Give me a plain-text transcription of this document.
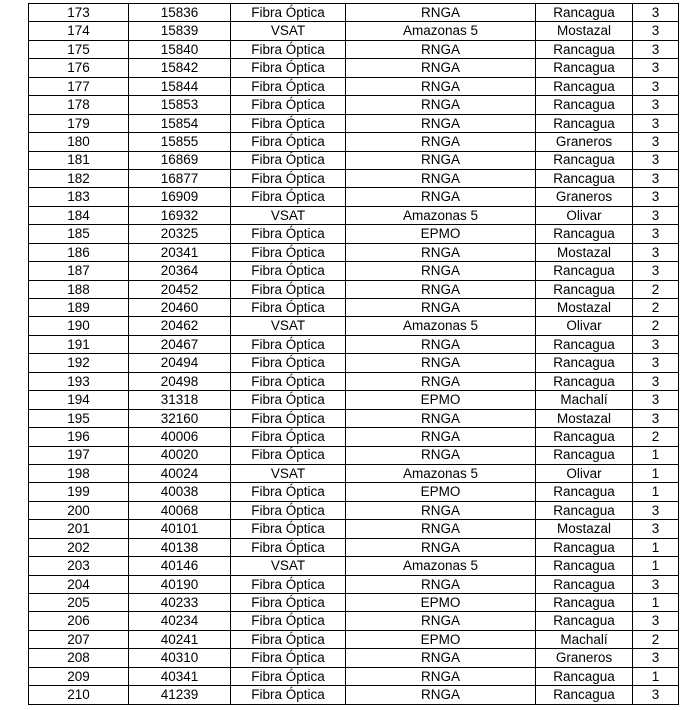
173	15836	Fibra Óptica	RNGA	Rancagua	3
174	15839	VSAT	Amazonas 5	Mostazal	3
175	15840	Fibra Óptica	RNGA	Rancagua	3
176	15842	Fibra Óptica	RNGA	Rancagua	3
177	15844	Fibra Óptica	RNGA	Rancagua	3
178	15853	Fibra Óptica	RNGA	Rancagua	3
179	15854	Fibra Óptica	RNGA	Rancagua	3
180	15855	Fibra Óptica	RNGA	Graneros	3
181	16869	Fibra Óptica	RNGA	Rancagua	3
182	16877	Fibra Óptica	RNGA	Rancagua	3
183	16909	Fibra Óptica	RNGA	Graneros	3
184	16932	VSAT	Amazonas 5	Olivar	3
185	20325	Fibra Óptica	EPMO	Rancagua	3
186	20341	Fibra Óptica	RNGA	Mostazal	3
187	20364	Fibra Óptica	RNGA	Rancagua	3
188	20452	Fibra Óptica	RNGA	Rancagua	2
189	20460	Fibra Óptica	RNGA	Mostazal	2
190	20462	VSAT	Amazonas 5	Olivar	2
191	20467	Fibra Óptica	RNGA	Rancagua	3
192	20494	Fibra Óptica	RNGA	Rancagua	3
193	20498	Fibra Óptica	RNGA	Rancagua	3
194	31318	Fibra Óptica	EPMO	Machalí	3
195	32160	Fibra Óptica	RNGA	Mostazal	3
196	40006	Fibra Óptica	RNGA	Rancagua	2
197	40020	Fibra Óptica	RNGA	Rancagua	1
198	40024	VSAT	Amazonas 5	Olivar	1
199	40038	Fibra Óptica	EPMO	Rancagua	1
200	40068	Fibra Óptica	RNGA	Rancagua	3
201	40101	Fibra Óptica	RNGA	Mostazal	3
202	40138	Fibra Óptica	RNGA	Rancagua	1
203	40146	VSAT	Amazonas 5	Rancagua	1
204	40190	Fibra Óptica	RNGA	Rancagua	3
205	40233	Fibra Óptica	EPMO	Rancagua	1
206	40234	Fibra Óptica	RNGA	Rancagua	3
207	40241	Fibra Óptica	EPMO	Machalí	2
208	40310	Fibra Óptica	RNGA	Graneros	3
209	40341	Fibra Óptica	RNGA	Rancagua	1
210	41239	Fibra Óptica	RNGA	Rancagua	3
